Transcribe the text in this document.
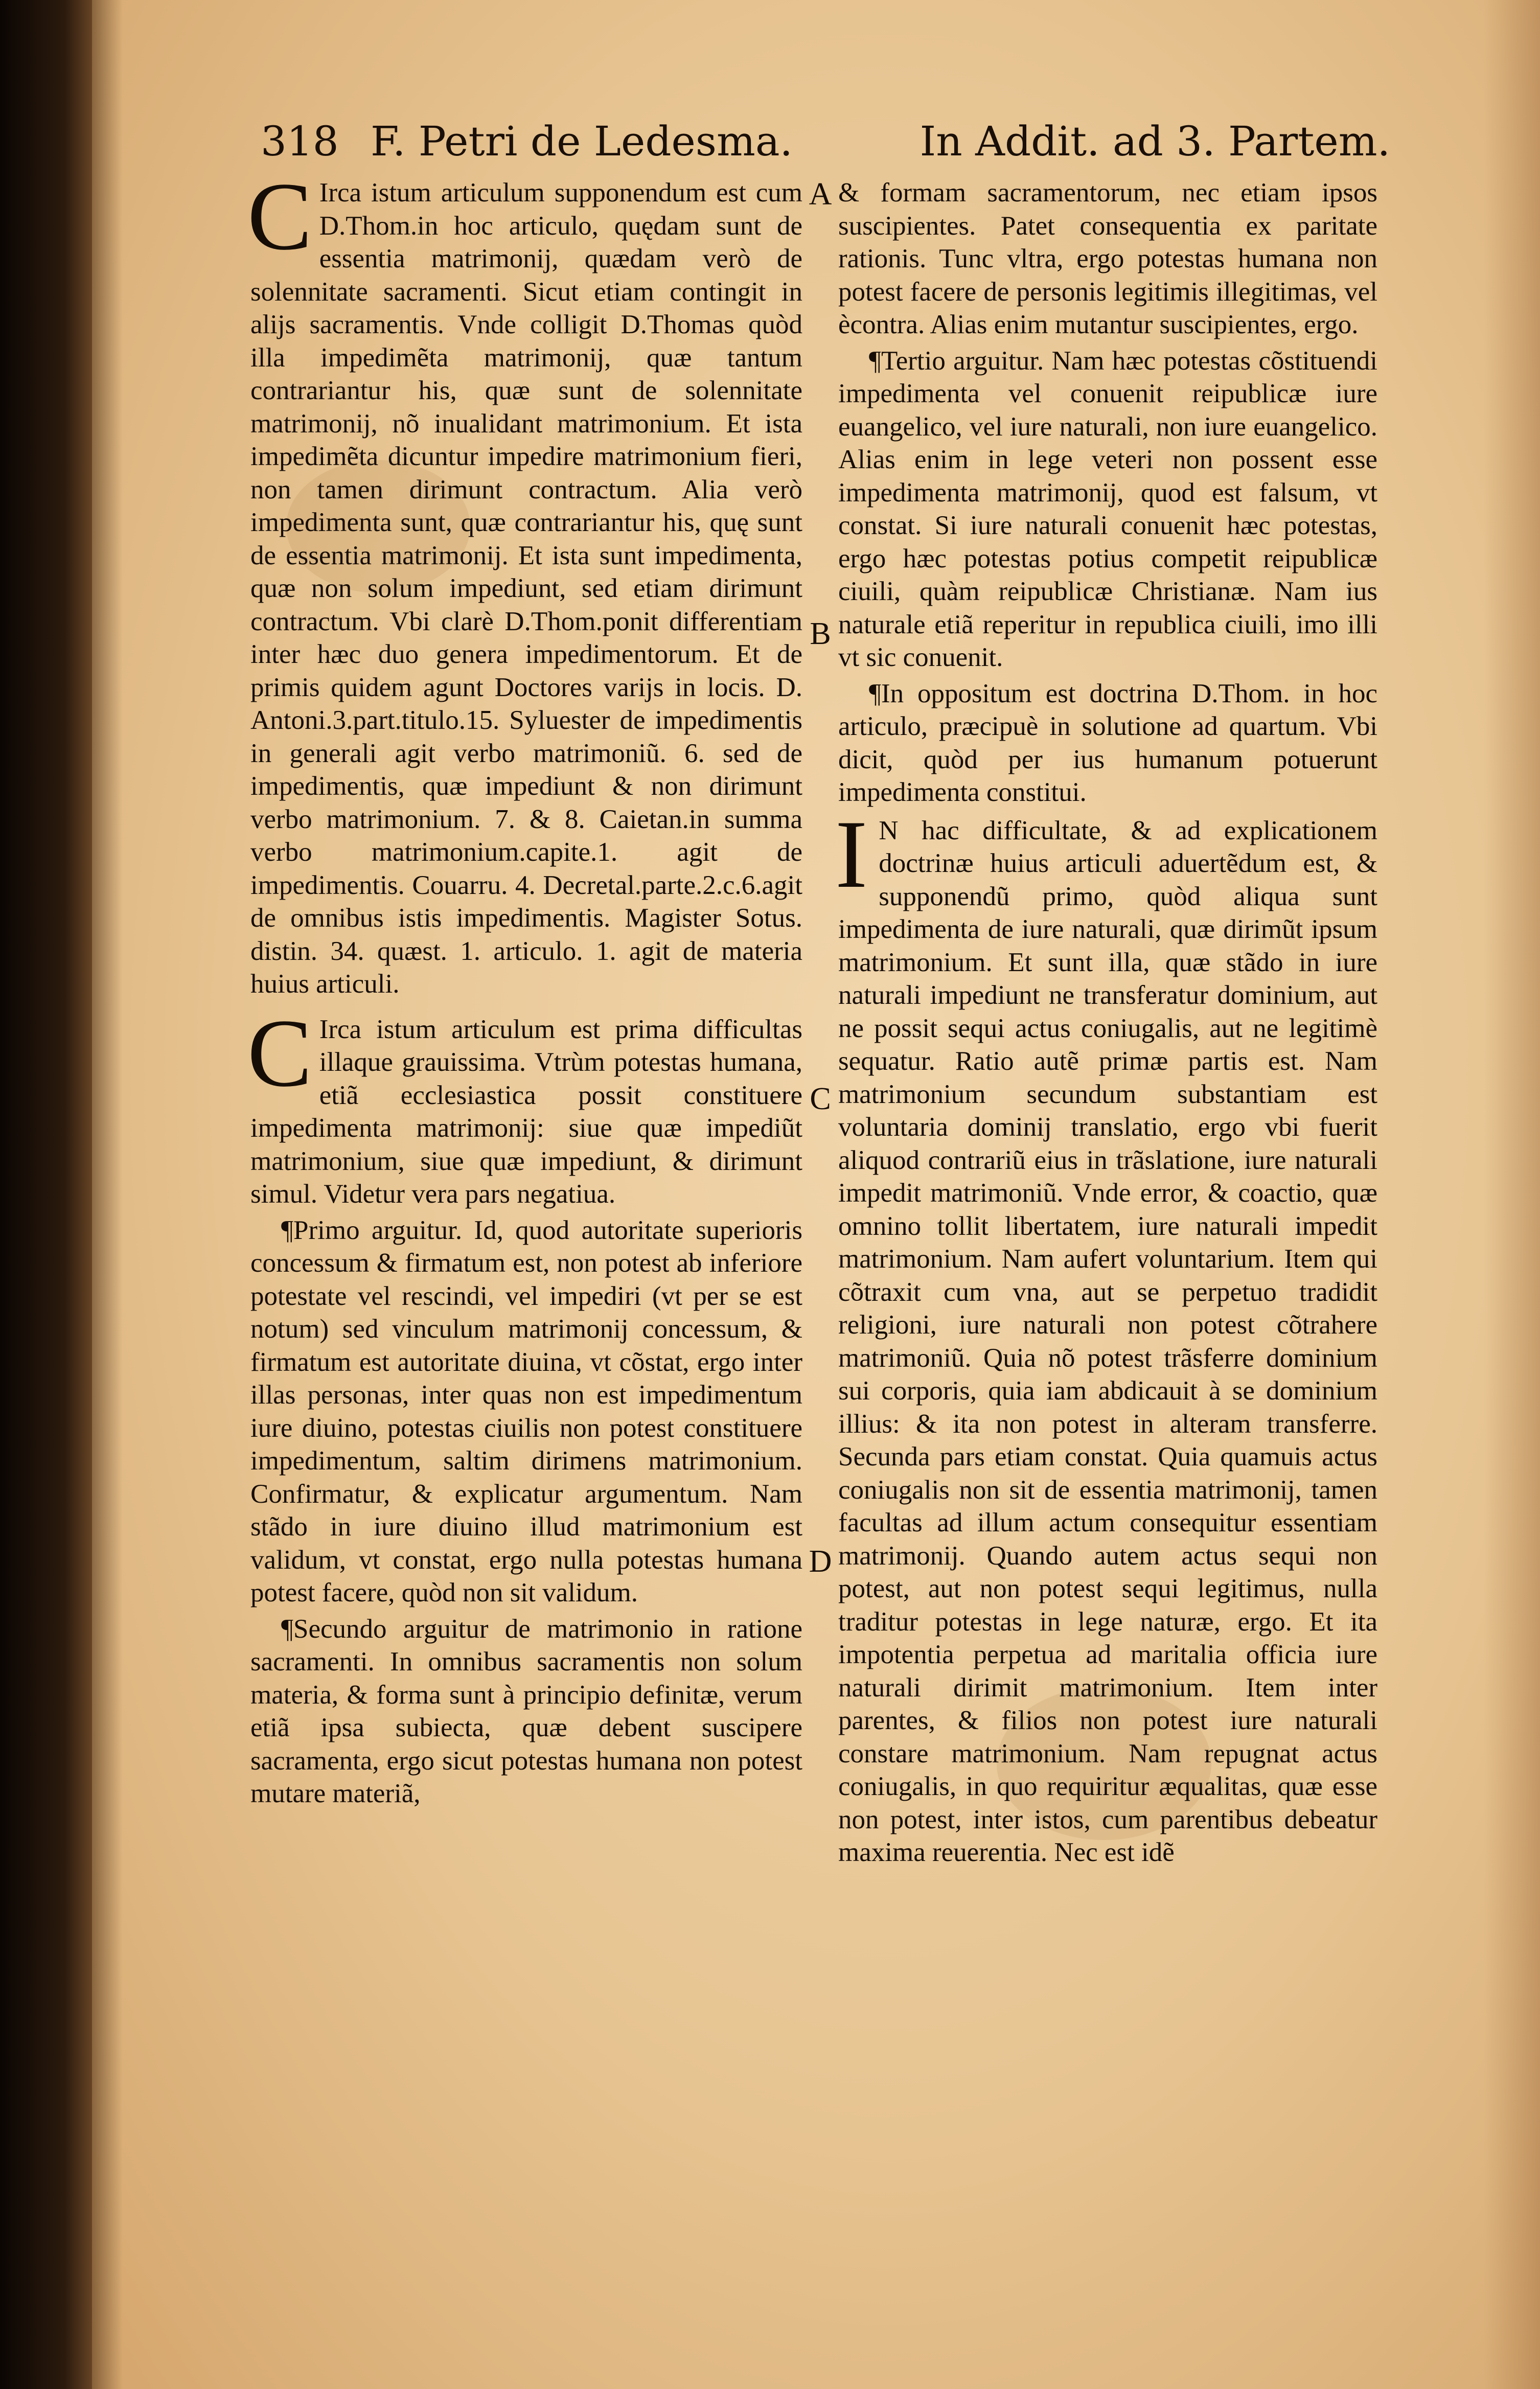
318 F. Petri de Ledesma.	In Addit. ad 3. Partem.
A
B
C
D

C Irca istum articulum supponendum est cum D.Thom.in hoc articulo, quędam sunt de essentia matrimonij, quædam verò de solennitate sacramenti. Sicut etiam contingit in alijs sacramentis. Vnde colligit D.Thomas quòd illa impedimẽta matrimonij, quæ tantum contrariantur his, quæ sunt de solennitate matrimonij, nõ inualidant matrimonium. Et ista impedimẽta dicuntur impedire matrimonium fieri, non tamen dirimunt contractum. Alia verò impedimenta sunt, quæ contrariantur his, quę sunt de essentia matrimonij. Et ista sunt impedimenta, quæ non solum impediunt, sed etiam dirimunt contractum. Vbi clarè D.Thom.ponit differentiam inter hæc duo genera impedimentorum. Et de primis quidem agunt Doctores varijs in locis. D. Antoni.3.part.titulo.15. Syluester de impedimentis in generali agit verbo matrimoniũ. 6. sed de impedimentis, quæ impediunt & non dirimunt verbo matrimonium. 7. & 8. Caietan.in summa verbo matrimonium.capite.1. agit de impedimentis. Couarru. 4. Decretal.parte.2.c.6.agit de omnibus istis impedimentis. Magister Sotus. distin. 34. quæst. 1. articulo. 1. agit de materia huius articuli.

C Irca istum articulum est prima difficultas illaque grauissima. Vtrùm potestas humana, etiã ecclesiastica possit constituere impedimenta matrimonij: siue quæ impediũt matrimonium, siue quæ impediunt, & dirimunt simul. Videtur vera pars negatiua.

¶Primo arguitur. Id, quod autoritate superioris concessum & firmatum est, non potest ab inferiore potestate vel rescindi, vel impediri (vt per se est notum) sed vinculum matrimonij concessum, & firmatum est autoritate diuina, vt cõstat, ergo inter illas personas, inter quas non est impedimentum iure diuino, potestas ciuilis non potest constituere impedimentum, saltim dirimens matrimonium. Confirmatur, & explicatur argumentum. Nam stãdo in iure diuino illud matrimonium est validum, vt constat, ergo nulla potestas humana potest facere, quòd non sit validum.

¶Secundo arguitur de matrimonio in ratione sacramenti. In omnibus sacramentis non solum materia, & forma sunt à principio definitæ, verum etiã ipsa subiecta, quæ debent suscipere sacramenta, ergo sicut potestas humana non potest mutare materiã,

& formam sacramentorum, nec etiam ipsos suscipientes. Patet consequentia ex paritate rationis. Tunc vltra, ergo potestas humana non potest facere de personis legitimis illegitimas, vel ècontra. Alias enim mutantur suscipientes, ergo.

¶Tertio arguitur. Nam hæc potestas cõstituendi impedimenta vel conuenit reipublicæ iure euangelico, vel iure naturali, non iure euangelico. Alias enim in lege veteri non possent esse impedimenta matrimonij, quod est falsum, vt constat. Si iure naturali conuenit hæc potestas, ergo hæc potestas potius competit reipublicæ ciuili, quàm reipublicæ Christianæ. Nam ius naturale etiã reperitur in republica ciuili, imo illi vt sic conuenit.

¶In oppositum est doctrina D.Thom. in hoc articulo, præcipuè in solutione ad quartum. Vbi dicit, quòd per ius humanum potuerunt impedimenta constitui.

I N hac difficultate, & ad explicationem doctrinæ huius articuli aduertẽdum est, & supponendũ primo, quòd aliqua sunt impedimenta de iure naturali, quæ dirimũt ipsum matrimonium. Et sunt illa, quæ stãdo in iure naturali impediunt ne transferatur dominium, aut ne possit sequi actus coniugalis, aut ne legitimè sequatur. Ratio autẽ primæ partis est. Nam matrimonium secundum substantiam est voluntaria dominij translatio, ergo vbi fuerit aliquod contrariũ eius in trãslatione, iure naturali impedit matrimoniũ. Vnde error, & coactio, quæ omnino tollit libertatem, iure naturali impedit matrimonium. Nam aufert voluntarium. Item qui cõtraxit cum vna, aut se perpetuo tradidit religioni, iure naturali non potest cõtrahere matrimoniũ. Quia nõ potest trãsferre dominium sui corporis, quia iam abdicauit à se dominium illius: & ita non potest in alteram transferre. Secunda pars etiam constat. Quia quamuis actus coniugalis non sit de essentia matrimonij, tamen facultas ad illum actum consequitur essentiam matrimonij. Quando autem actus sequi non potest, aut non potest sequi legitimus, nulla traditur potestas in lege naturæ, ergo. Et ita impotentia perpetua ad maritalia officia iure naturali dirimit matrimonium. Item inter parentes, & filios non potest iure naturali constare matrimonium. Nam repugnat actus coniugalis, in quo requiritur æqualitas, quæ esse non potest, inter istos, cum parentibus debeatur maxima reuerentia. Nec est idẽ
